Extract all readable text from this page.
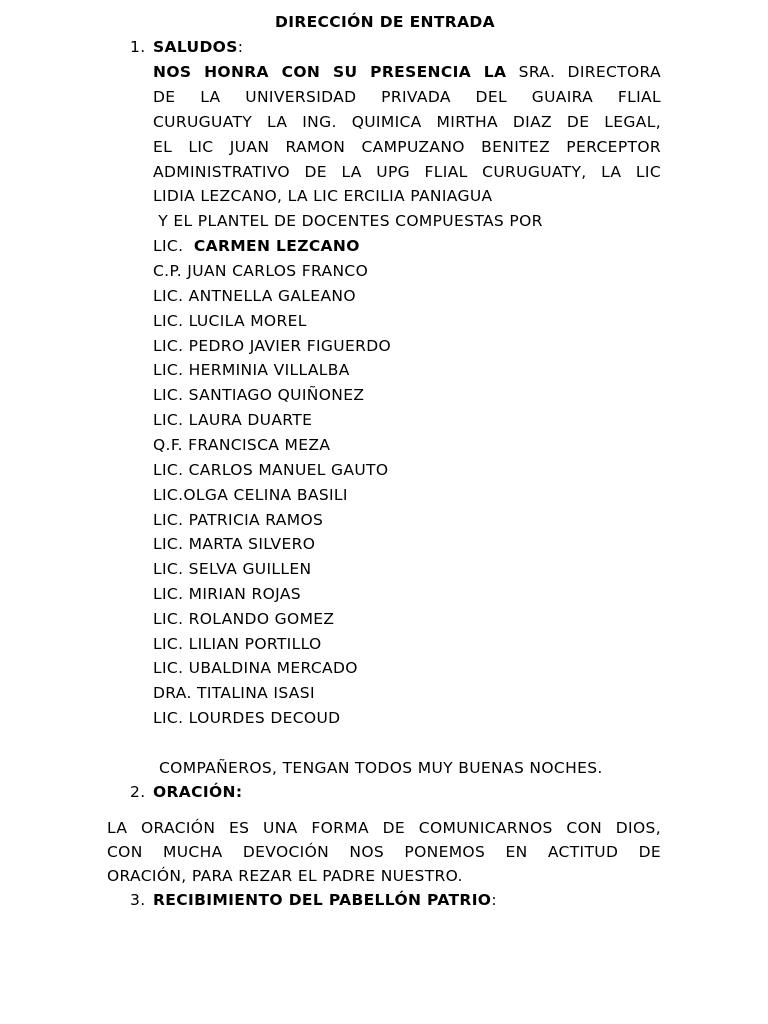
DIRECCIÓN DE ENTRADA
1. SALUDOS:
NOS HONRA CON SU PRESENCIA LA SRA. DIRECTORA
DE LA UNIVERSIDAD PRIVADA DEL GUAIRA FLIAL
CURUGUATY LA ING. QUIMICA MIRTHA DIAZ DE LEGAL,
EL LIC JUAN RAMON CAMPUZANO BENITEZ PERCEPTOR
ADMINISTRATIVO DE LA UPG FLIAL CURUGUATY, LA LIC
LIDIA LEZCANO, LA LIC ERCILIA PANIAGUA
Y EL PLANTEL DE DOCENTES COMPUESTAS POR
LIC.  CARMEN LEZCANO
C.P. JUAN CARLOS FRANCO
LIC. ANTNELLA GALEANO
LIC. LUCILA MOREL
LIC. PEDRO JAVIER FIGUERDO
LIC. HERMINIA VILLALBA
LIC. SANTIAGO QUIÑONEZ
LIC. LAURA DUARTE
Q.F. FRANCISCA MEZA
LIC. CARLOS MANUEL GAUTO
LIC.OLGA CELINA BASILI
LIC. PATRICIA RAMOS
LIC. MARTA SILVERO
LIC. SELVA GUILLEN
LIC. MIRIAN ROJAS
LIC. ROLANDO GOMEZ
LIC. LILIAN PORTILLO
LIC. UBALDINA MERCADO
DRA. TITALINA ISASI
LIC. LOURDES DECOUD
COMPAÑEROS, TENGAN TODOS MUY BUENAS NOCHES.
2. ORACIÓN:
LA ORACIÓN ES UNA FORMA DE COMUNICARNOS CON DIOS,
CON MUCHA DEVOCIÓN NOS PONEMOS EN ACTITUD DE
ORACIÓN, PARA REZAR EL PADRE NUESTRO.
3. RECIBIMIENTO DEL PABELLÓN PATRIO:
